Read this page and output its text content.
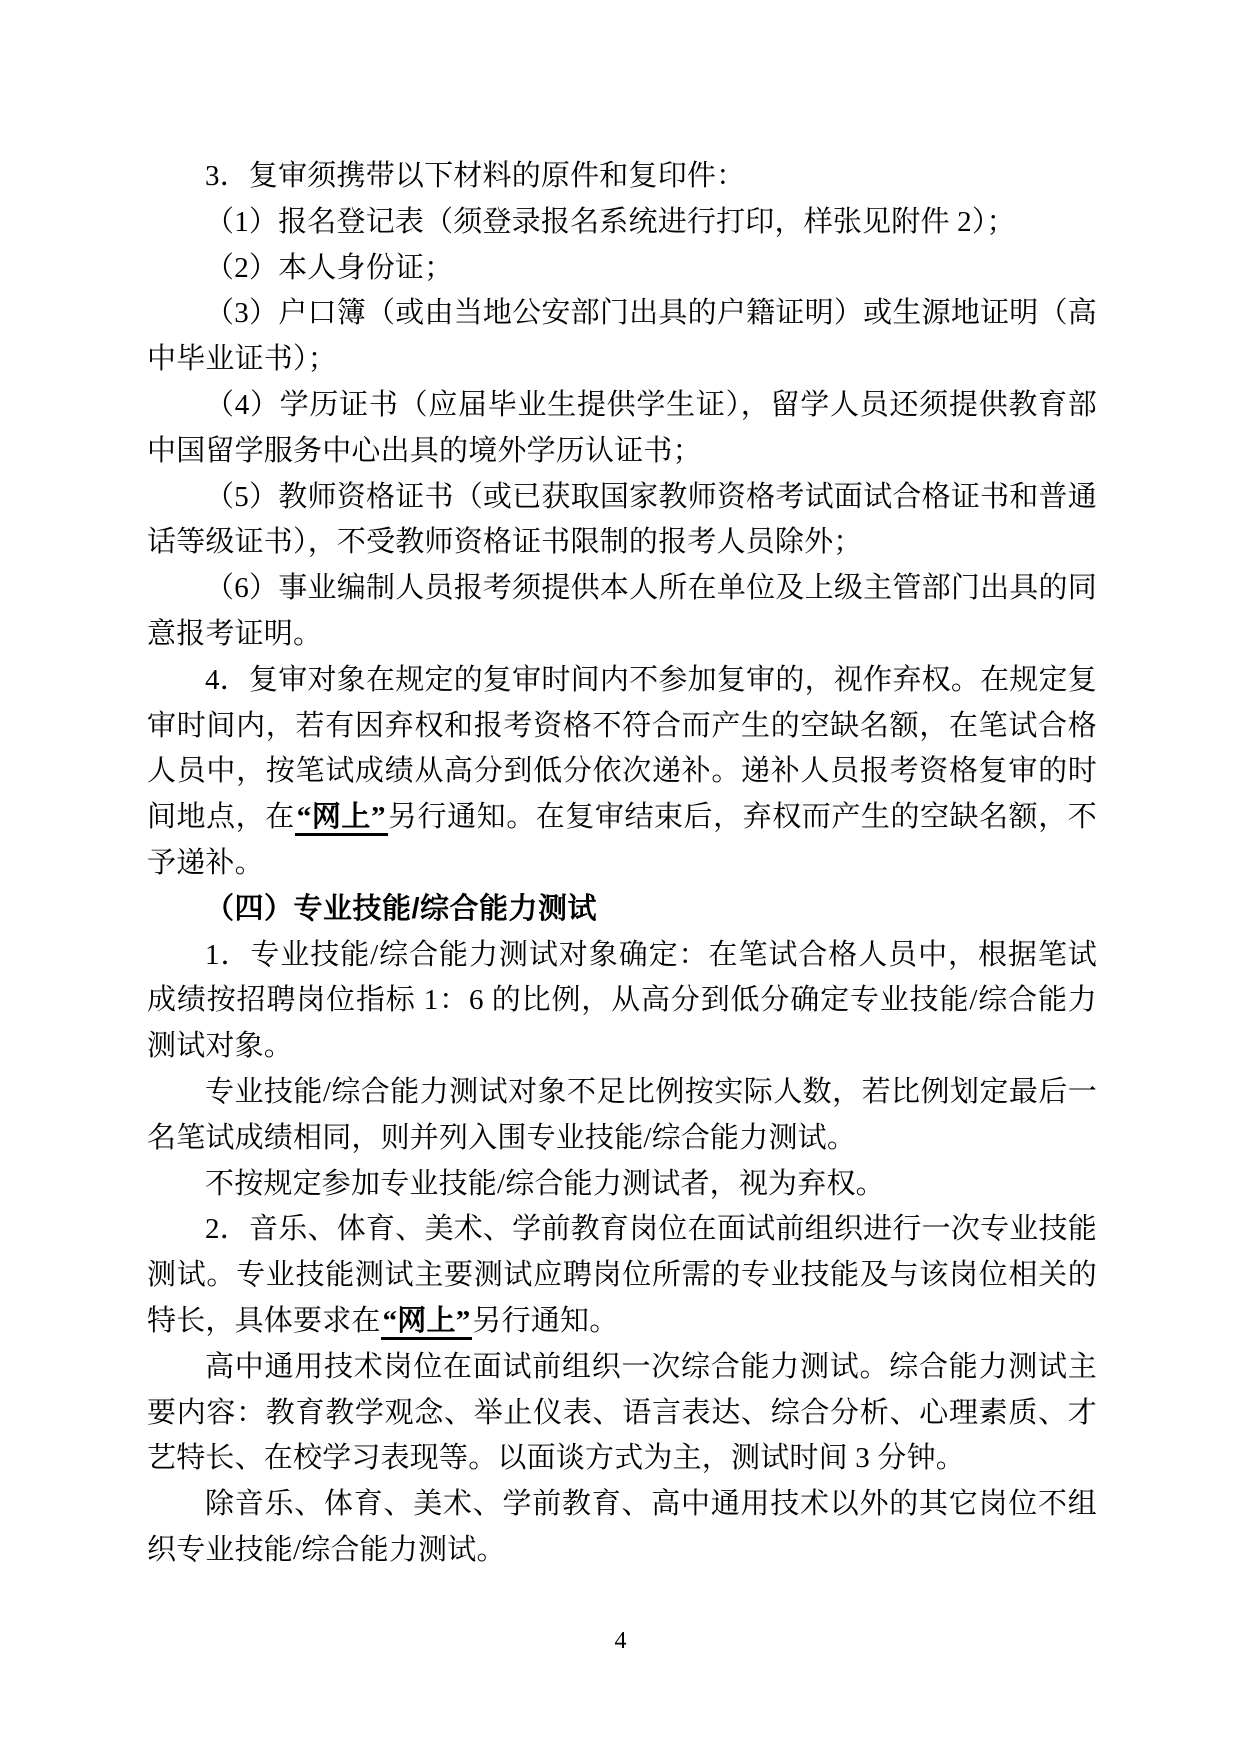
3．复审须携带以下材料的原件和复印件：

（1）报名登记表（须登录报名系统进行打印，样张见附件 2）；

（2）本人身份证；

（3）户口簿（或由当地公安部门出具的户籍证明）或生源地证明（高中毕业证书）；

（4）学历证书（应届毕业生提供学生证），留学人员还须提供教育部中国留学服务中心出具的境外学历认证书；

（5）教师资格证书（或已获取国家教师资格考试面试合格证书和普通话等级证书），不受教师资格证书限制的报考人员除外；

（6）事业编制人员报考须提供本人所在单位及上级主管部门出具的同意报考证明。

4．复审对象在规定的复审时间内不参加复审的，视作弃权。在规定复审时间内，若有因弃权和报考资格不符合而产生的空缺名额，在笔试合格人员中，按笔试成绩从高分到低分依次递补。递补人员报考资格复审的时间地点，在“网上”另行通知。在复审结束后，弃权而产生的空缺名额，不予递补。

（四）专业技能/综合能力测试

1．专业技能/综合能力测试对象确定：在笔试合格人员中，根据笔试成绩按招聘岗位指标 1：6 的比例，从高分到低分确定专业技能/综合能力测试对象。

专业技能/综合能力测试对象不足比例按实际人数，若比例划定最后一名笔试成绩相同，则并列入围专业技能/综合能力测试。

不按规定参加专业技能/综合能力测试者，视为弃权。

2．音乐、体育、美术、学前教育岗位在面试前组织进行一次专业技能测试。专业技能测试主要测试应聘岗位所需的专业技能及与该岗位相关的特长，具体要求在“网上”另行通知。

高中通用技术岗位在面试前组织一次综合能力测试。综合能力测试主要内容：教育教学观念、举止仪表、语言表达、综合分析、心理素质、才艺特长、在校学习表现等。以面谈方式为主，测试时间 3 分钟。

除音乐、体育、美术、学前教育、高中通用技术以外的其它岗位不组织专业技能/综合能力测试。

4
